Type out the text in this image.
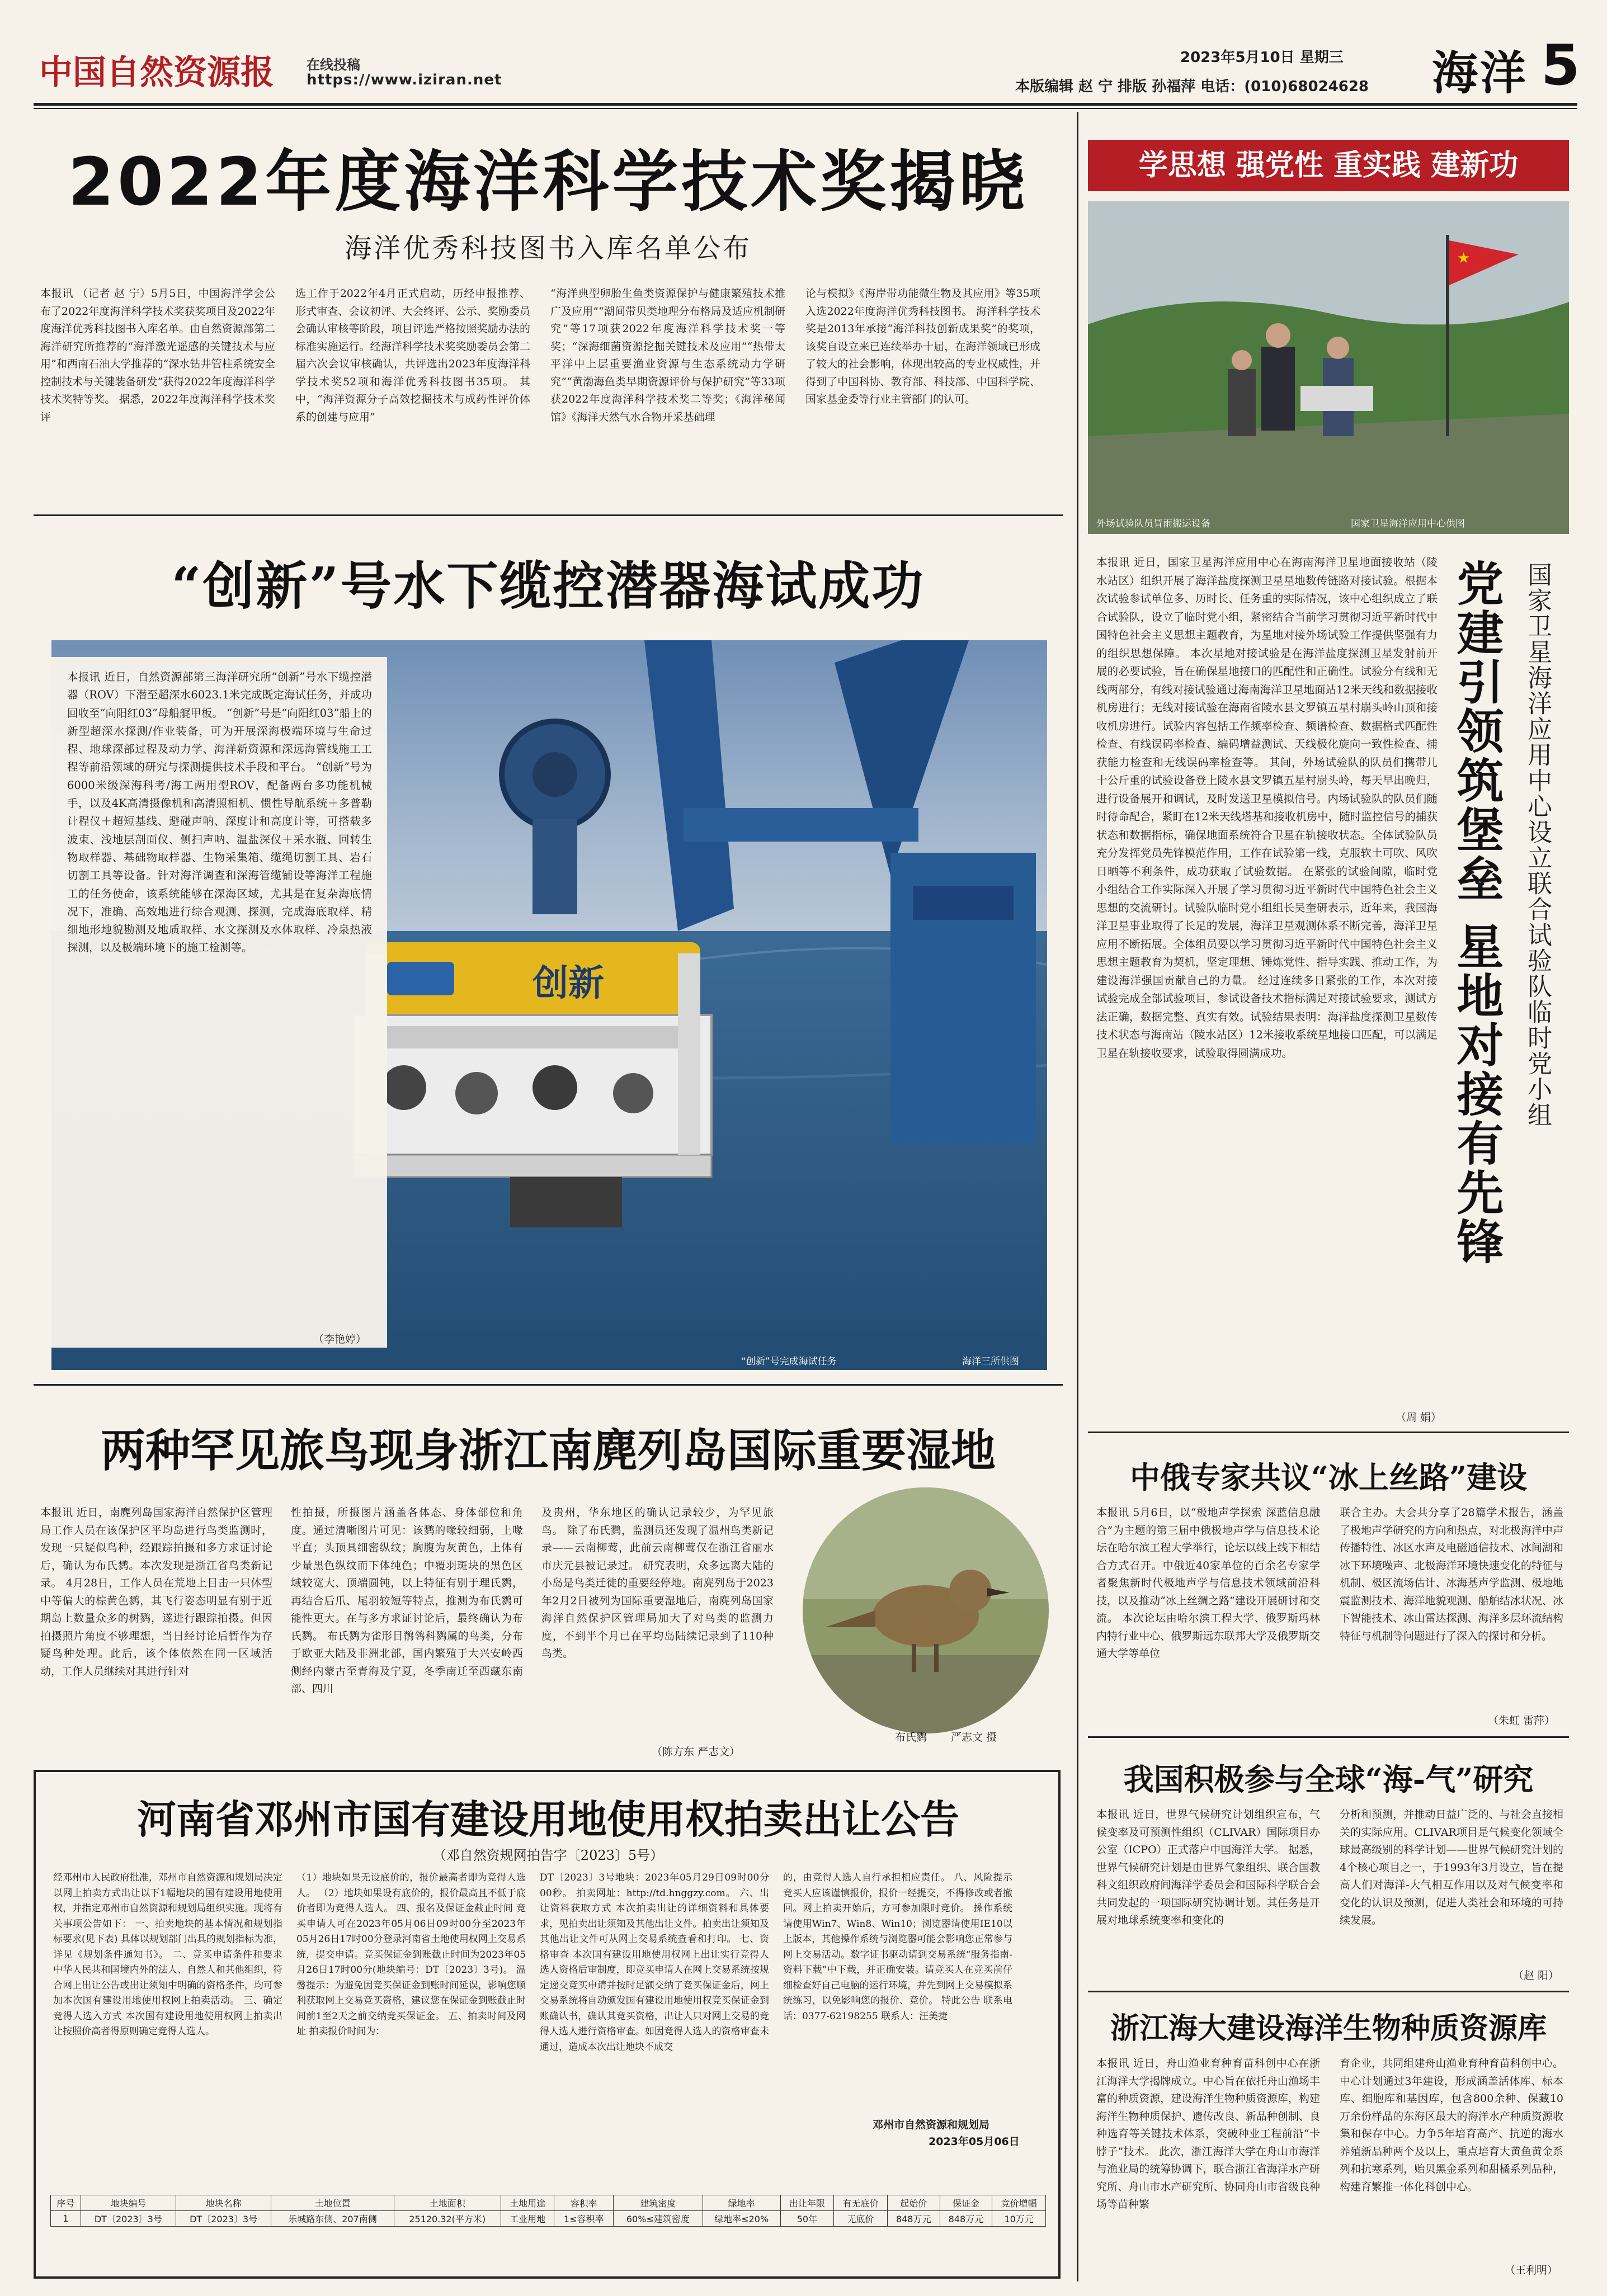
中国自然资源报 在线投稿
https://www.iziran.net
2023年5月10日 星期三
本版编辑 赵 宁 排版 孙福萍 电话：(010)68024628 海洋 5
2022年度海洋科学技术奖揭晓
海洋优秀科技图书入库名单公布
本报讯 （记者 赵 宁）5月5日，中国海洋学会公布了2022年度海洋科学技术奖获奖项目及2022年度海洋优秀科技图书入库名单。由自然资源部第二海洋研究所推荐的“海洋激光遥感的关键技术与应用”和西南石油大学推荐的“深水钻井管柱系统安全控制技术与关键装备研发”获得2022年度海洋科学技术奖特等奖。 据悉，2022年度海洋科学技术奖评
选工作于2022年4月正式启动，历经申报推荐、形式审查、会议初评、大会终评、公示、奖励委员会确认审核等阶段，项目评选严格按照奖励办法的标准实施运行。经海洋科学技术奖奖励委员会第二届六次会议审核确认，共评选出2023年度海洋科学技术奖52项和海洋优秀科技图书35项。 其中，“海洋资源分子高效挖掘技术与成药性评价体系的创建与应用”
“海洋典型卵胎生鱼类资源保护与健康繁殖技术推广及应用”“潮间带贝类地理分布格局及适应机制研究”等17项获2022年度海洋科学技术奖一等奖；“深海细菌资源挖掘关键技术及应用”“热带太平洋中上层重要渔业资源与生态系统动力学研究”“黄渤海鱼类早期资源评价与保护研究”等33项获2022年度海洋科学技术奖二等奖；《海洋秘闻馆》《海洋天然气水合物开采基础理
论与模拟》《海岸带功能微生物及其应用》等35项入选2022年度海洋优秀科技图书。 海洋科学技术奖是2013年承接“海洋科技创新成果奖”的奖项，该奖自设立来已连续举办十届，在海洋领域已形成了较大的社会影响，体现出较高的专业权威性，并得到了中国科协、教育部、科技部、中国科学院、国家基金委等行业主管部门的认可。
“创新”号水下缆控潜器海试成功
创新
本报讯 近日，自然资源部第三海洋研究所“创新”号水下缆控潜器（ROV）下潜至超深水6023.1米完成既定海试任务，并成功回收至“向阳红03”母船艉甲板。 “创新”号是“向阳红03”船上的新型超深水探测/作业装备，可为开展深海极端环境与生命过程、地球深部过程及动力学、海洋新资源和深远海管线施工工程等前沿领域的研究与探测提供技术手段和平台。 “创新”号为6000米级深海科考/海工两用型ROV，配备两台多功能机械手，以及4K高清摄像机和高清照相机、惯性导航系统＋多普勒计程仪＋超短基线、避碰声呐、深度计和高度计等，可搭载多波束、浅地层剖面仪、侧扫声呐、温盐深仪＋采水瓶、回转生物取样器、基础物取样器、生物采集箱、缆绳切割工具、岩石切割工具等设备。针对海洋调查和深海管缆铺设等海洋工程施工的任务使命，该系统能够在深海区域，尤其是在复杂海底情况下，准确、高效地进行综合观测、探测，完成海底取样、精细地形地貌勘测及地质取样、水文探测及水体取样、冷泉热液探测，以及极端环境下的施工检测等。
（李艳婷）
“创新”号完成海试任务	海洋三所供图
两种罕见旅鸟现身浙江南麂列岛国际重要湿地
本报讯 近日，南麂列岛国家海洋自然保护区管理局工作人员在该保护区平均岛进行鸟类监测时，发现一只疑似鸟种，经跟踪拍摄和多方求证讨论后，确认为布氏鹨。本次发现是浙江省鸟类新记录。 4月28日，工作人员在荒地上目击一只体型中等偏大的棕黄色鹨，其飞行姿态明显有别于近期岛上数量众多的树鹨，遂进行跟踪拍摄。但因拍摄照片角度不够理想，当日经讨论后暂作为存疑鸟种处理。此后，该个体依然在同一区域活动，工作人员继续对其进行针对
性拍摄，所摄图片涵盖各体态、身体部位和角度。通过清晰图片可见：该鹨的喙较细弱，上喙平直；头顶具细密纵纹；胸腹为灰黄色，上体有少量黑色纵纹而下体纯色；中覆羽斑块的黑色区域较宽大、顶端圆钝，以上特征有别于理氏鹨，再结合后爪、尾羽较短等特点，推测为布氏鹨可能性更大。在与多方求证讨论后，最终确认为布氏鹨。 布氏鹨为雀形目鹡鸰科鹨属的鸟类，分布于欧亚大陆及非洲北部，国内繁殖于大兴安岭西侧经内蒙古至青海及宁夏，冬季南迁至西藏东南部、四川
及贵州，华东地区的确认记录较少，为罕见旅鸟。 除了布氏鹨，监测员还发现了温州鸟类新记录——云南柳莺，此前云南柳莺仅在浙江省丽水市庆元县被记录过。 研究表明，众多远离大陆的小岛是鸟类迁徙的重要经停地。南麂列岛于2023年2月2日被列为国际重要湿地后，南麂列岛国家海洋自然保护区管理局加大了对鸟类的监测力度，不到半个月已在平均岛陆续记录到了110种鸟类。
（陈方东 严志文）
布氏鹨 严志文 摄
河南省邓州市国有建设用地使用权拍卖出让公告
（邓自然资规网拍告字〔2023〕5号）
经邓州市人民政府批准，邓州市自然资源和规划局决定以网上拍卖方式出让以下1幅地块的国有建设用地使用权，并指定邓州市自然资源和规划局组织实施。现将有关事项公告如下： 一、拍卖地块的基本情况和规划指标要求(见下表) 具体以规划部门出具的规划指标为准，详见《规划条件通知书》。 二、竞买申请条件和要求 中华人民共和国境内外的法人、自然人和其他组织，符合网上出让公告或出让须知中明确的资格条件，均可参加本次国有建设用地使用权网上拍卖活动。 三、确定竞得人选入方式 本次国有建设用地使用权网上拍卖出让按照价高者得原则确定竞得人选人。
（1）地块如果无设底价的，报价最高者即为竞得人选人。 （2）地块如果设有底价的，报价最高且不低于底价者即为竞得人选人。 四、报名及保证金截止时间 竞买申请人可在2023年05月06日09时00分至2023年05月26日17时00分登录河南省土地使用权网上交易系统，提交申请。竞买保证金到账截止时间为2023年05月26日17时00分(地块编号：DT〔2023〕3号)。 温馨提示：为避免因竞买保证金到账时间延误，影响您顺利获取网上交易竞买资格，建议您在保证金到账截止时间前1至2天之前交纳竞买保证金。 五、拍卖时间及网址 拍卖报价时间为：
DT〔2023〕3号地块：2023年05月29日09时00分00秒。 拍卖网址：http://td.hnggzy.com。 六、出让资料获取方式 本次拍卖出让的详细资料和具体要求，见拍卖出让须知及其他出让文件。拍卖出让须知及其他出让文件可从网上交易系统查看和打印。 七、资格审查 本次国有建设用地使用权网上出让实行竞得人选人资格后审制度，即竞买申请人在网上交易系统按规定递交竞买申请并按时足额交纳了竞买保证金后，网上交易系统将自动颁发国有建设用地使用权竞买保证金到账确认书，确认其竞买资格，出让人只对网上交易的竞得人选人进行资格审查。如因竞得人选人的资格审查未通过，造成本次出让地块不成交
的，由竞得人选人自行承担相应责任。 八、风险提示 竞买人应该谨慎报价，报价一经提交，不得修改或者撤回。网上拍卖开始后，方可参加限时竞价。 操作系统请使用Win7、Win8、Win10；浏览器请使用IE10以上版本，其他操作系统与浏览器可能会影响您正常参与网上交易活动。数字证书驱动请到交易系统“服务指南-资料下载”中下载，并正确安装。请竞买人在竞买前仔细检查好自己电脑的运行环境，并先到网上交易模拟系统练习，以免影响您的报价、竞价。 特此公告 联系电话：0377-62198255 联系人：汪美捷
邓州市自然资源和规划局
2023年05月06日
序号	地块编号	地块名称	土地位置	土地面积	土地用途	容积率	建筑密度	绿地率	出让年限	有无底价	起始价	保证金	竞价增幅
1	DT〔2023〕3号	DT〔2023〕3号	乐城路东侧、207南侧	25120.32(平方米)	工业用地	1≤容积率	60%≤建筑密度	绿地率≤20%	50年	无底价	848万元	848万元	10万元
学思想 强党性 重实践 建新功
★
外场试验队员冒雨搬运设备	国家卫星海洋应用中心供图
本报讯 近日，国家卫星海洋应用中心在海南海洋卫星地面接收站（陵水站区）组织开展了海洋盐度探测卫星星地数传链路对接试验。根据本次试验参试单位多、历时长、任务重的实际情况，该中心组织成立了联合试验队，设立了临时党小组，紧密结合当前学习贯彻习近平新时代中国特色社会主义思想主题教育，为星地对接外场试验工作提供坚强有力的组织思想保障。 本次星地对接试验是在海洋盐度探测卫星发射前开展的必要试验，旨在确保星地接口的匹配性和正确性。试验分有线和无线两部分，有线对接试验通过海南海洋卫星地面站12米天线和数据接收机房进行；无线对接试验在海南省陵水县文罗镇五星村崩头岭山顶和接收机房进行。试验内容包括工作频率检查、频谱检查、数据格式匹配性检查、有线误码率检查、编码增益测试、天线极化旋向一致性检查、捕获能力检查和无线误码率检查等。 其间，外场试验队的队员们携带几十公斤重的试验设备登上陵水县文罗镇五星村崩头岭，每天早出晚归，进行设备展开和调试，及时发送卫星模拟信号。内场试验队的队员们随时待命配合，紧盯在12米天线塔基和接收机房中，随时监控信号的捕获状态和数据指标，确保地面系统符合卫星在轨接收状态。全体试验队员充分发挥党员先锋模范作用，工作在试验第一线，克服软土可吹、风吹日晒等不利条件，成功获取了试验数据。 在紧张的试验间隙，临时党小组结合工作实际深入开展了学习贯彻习近平新时代中国特色社会主义思想的交流研讨。试验队临时党小组组长吴奎研表示，近年来，我国海洋卫星事业取得了长足的发展，海洋卫星观测体系不断完善，海洋卫星应用不断拓展。全体组员要以学习贯彻习近平新时代中国特色社会主义思想主题教育为契机，坚定理想、锤炼党性、指导实践、推动工作，为建设海洋强国贡献自己的力量。 经过连续多日紧张的工作，本次对接试验完成全部试验项目，参试设备技术指标满足对接试验要求，测试方法正确，数据完整、真实有效。试验结果表明：海洋盐度探测卫星数传技术状态与海南站（陵水站区）12米接收系统星地接口匹配，可以满足卫星在轨接收要求，试验取得圆满成功。
（周 娟）
党建引领筑堡垒 星地对接有先锋 国家卫星海洋应用中心设立联合试验队临时党小组
中俄专家共议“冰上丝路”建设
本报讯 5月6日，以“极地声学探索 深蓝信息融合”为主题的第三届中俄极地声学与信息技术论坛在哈尔滨工程大学举行，论坛以线上线下相结合方式召开。中俄近40家单位的百余名专家学者聚焦新时代极地声学与信息技术领域前沿科技，以及推动“冰上丝绸之路”建设开展研讨和交流。 本次论坛由哈尔滨工程大学、俄罗斯玛林内特行业中心、俄罗斯远东联邦大学及俄罗斯交通大学等单位
联合主办。大会共分享了28篇学术报告，涵盖了极地声学研究的方向和热点，对北极海洋中声传播特性、冰区水声及电磁通信技术、冰间湖和冰下环境噪声、北极海洋环境快速变化的特征与机制、极区流场估计、冰海基声学监测、极地地震监测技术、海洋地貌观测、船舶结冰状况、冰下智能技术、冰山雷达探测、海洋多层环流结构特征与机制等问题进行了深入的探讨和分析。
（朱虹 雷萍）
我国积极参与全球“海-气”研究
本报讯 近日，世界气候研究计划组织宣布，气候变率及可预测性组织（CLIVAR）国际项目办公室（ICPO）正式落户中国海洋大学。 据悉，世界气候研究计划是由世界气象组织、联合国教科文组织政府间海洋学委员会和国际科学联合会共同发起的一项国际研究协调计划。其任务是开展对地球系统变率和变化的
分析和预测，并推动日益广泛的、与社会直接相关的实际应用。CLIVAR项目是气候变化领域全球最高级别的科学计划——世界气候研究计划的4个核心项目之一，于1993年3月设立，旨在提高人们对海洋-大气相互作用以及对气候变率和变化的认识及预测，促进人类社会和环境的可持续发展。
（赵 阳）
浙江海大建设海洋生物种质资源库
本报讯 近日，舟山渔业育种育苗科创中心在浙江海洋大学揭牌成立。中心旨在依托舟山渔场丰富的种质资源，建设海洋生物种质资源库，构建海洋生物种质保护、遗传改良、新品种创制、良种选育等关键技术体系，突破种业工程前沿“卡脖子”技术。 此次，浙江海洋大学在舟山市海洋与渔业局的统筹协调下，联合浙江省海洋水产研究所、舟山市水产研究所、协同舟山市省级良种场等苗种繁
育企业，共同组建舟山渔业育种育苗科创中心。中心计划通过3年建设，形成涵盖活体库、标本库、细胞库和基因库，包含800余种、保藏10万余份样品的东海区最大的海洋水产种质资源收集和保存中心。力争5年培育高产、抗逆的海水养殖新品种两个及以上，重点培育大黄鱼黄金系列和抗寒系列，贻贝黑金系列和甜橘系列品种，构建育繁推一体化科创中心。
（王利明）
